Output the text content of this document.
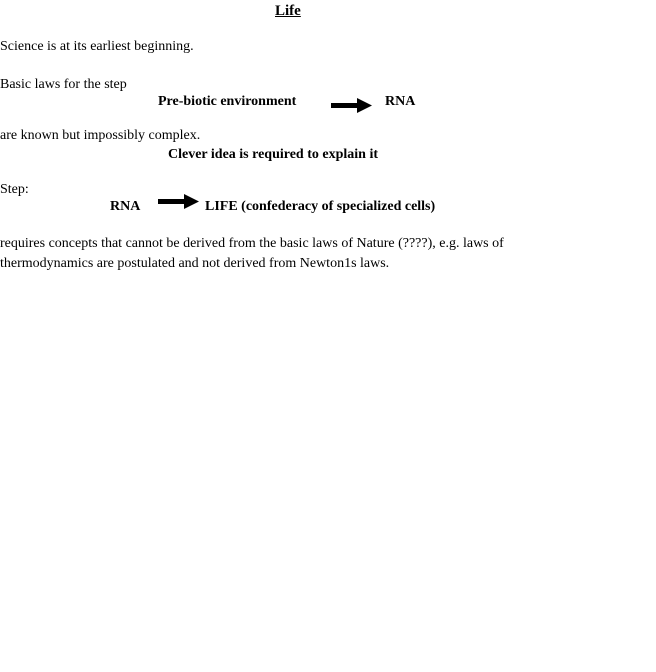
Life
Science is at its earliest beginning.
Basic laws for the step
Pre-biotic environment	RNA
are known but impossibly complex.
Clever idea is required to explain it
Step:
RNA	LIFE (confederacy of specialized cells)
requires concepts that cannot be derived from the basic laws of Nature (????), e.g. laws of
thermodynamics are postulated and not derived from Newton1s laws.
